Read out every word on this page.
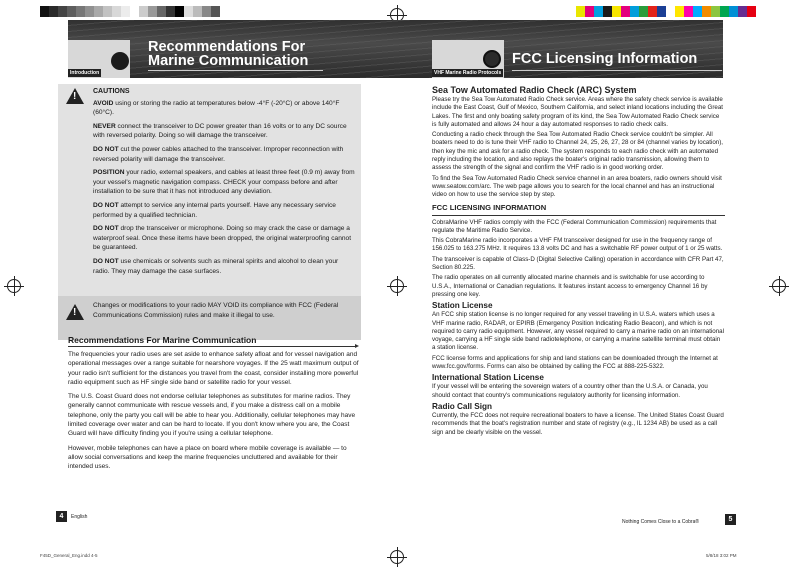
Introduction
Recommendations For
Marine Communication
VHF Marine Radio Protocols
FCC Licensing Information
!
!
CAUTIONS

AVOID using or storing the radio at temperatures below -4°F (-20°C) or above 140°F (60°C).

NEVER connect the transceiver to DC power greater than 16 volts or to any DC source with reversed polarity. Doing so will damage the transceiver.

DO NOT cut the power cables attached to the transceiver. Improper reconnection with reversed polarity will damage the transceiver.

POSITION your radio, external speakers, and cables at least three feet (0.9 m) away from your vessel's magnetic navigation compass. CHECK your compass before and after installation to be sure that it has not introduced any deviation.

DO NOT attempt to service any internal parts yourself. Have any necessary service performed by a qualified technician.

DO NOT drop the transceiver or microphone. Doing so may crack the case or damage a waterproof seal. Once these items have been dropped, the original waterproofing cannot be guaranteed.

DO NOT use chemicals or solvents such as mineral spirits and alcohol to clean your radio. They may damage the case surfaces.

Changes or modifications to your radio MAY VOID its compliance with FCC (Federal Communications Commission) rules and make it illegal to use.
Recommendations For Marine Communication

The frequencies your radio uses are set aside to enhance safety afloat and for vessel navigation and operational messages over a range suitable for nearshore voyages. If the 25 watt maximum output of your radio isn't sufficient for the distances you travel from the coast, consider installing more powerful radio equipment such as HF single side band or satellite radio for your vessel.

The U.S. Coast Guard does not endorse cellular telephones as substitutes for marine radios. They generally cannot communicate with rescue vessels and, if you make a distress call on a mobile telephone, only the party you call will be able to hear you. Additionally, cellular telephones may have limited coverage over water and can be hard to locate. If you don't know where you are, the Coast Guard will have difficulty finding you if you're using a cellular telephone.

However, mobile telephones can have a place on board where mobile coverage is available — to allow social conversations and keep the marine frequencies uncluttered and available for their intended uses.

Sea Tow Automated Radio Check (ARC) System

Please try the Sea Tow Automated Radio Check service. Areas where the safety check service is available include the East Coast, Gulf of Mexico, Southern California, and select inland locations including the Great Lakes. The first and only boating safety program of its kind, the Sea Tow Automated Radio Check service is fully automated and allows 24 hour a day automated responses to radio check calls.

Conducting a radio check through the Sea Tow Automated Radio Check service couldn't be simpler. All boaters need to do is tune their VHF radio to Channel 24, 25, 26, 27, 28 or 84 (channel varies by location), then key the mic and ask for a radio check. The system responds to each radio check with an automated reply including the location, and also replays the boater's original radio transmission, allowing them to assess the strength of the signal and confirm the VHF radio is in good working order.

To find the Sea Tow Automated Radio Check service channel in an area boaters, radio owners should visit www.seatow.com/arc. The web page allows you to search for the local channel and has an instructional video on how to use the service step by step.

FCC LICENSING INFORMATION

CobraMarine VHF radios comply with the FCC (Federal Communication Commission) requirements that regulate the Maritime Radio Service.

This CobraMarine radio incorporates a VHF FM transceiver designed for use in the frequency range of 156.025 to 163.275 MHz. It requires 13.8 volts DC and has a switchable RF power output of 1 or 25 watts.

The transceiver is capable of Class-D (Digital Selective Calling) operation in accordance with CFR Part 47, Section 80.225.

The radio operates on all currently allocated marine channels and is switchable for use according to U.S.A., International or Canadian regulations. It features instant access to emergency Channel 16 by pressing one key.

Station License

An FCC ship station license is no longer required for any vessel traveling in U.S.A. waters which uses a VHF marine radio, RADAR, or EPIRB (Emergency Position Indicating Radio Beacon), and which is not required to carry radio equipment. However, any vessel required to carry a marine radio on an international voyage, carrying a HF single side band radiotelephone, or carrying a marine satellite terminal must obtain a station license.

FCC license forms and applications for ship and land stations can be downloaded through the Internet at www.fcc.gov/forms. Forms can also be obtained by calling the FCC at 888-225-5322.

International Station License

If your vessel will be entering the sovereign waters of a country other than the U.S.A. or Canada, you should contact that country's communications regulatory authority for licensing information.

Radio Call Sign

Currently, the FCC does not require recreational boaters to have a license. The United States Coast Guard recommends that the boat's registration number and state of registry (e.g., IL 1234 AB) be used as a call sign and be clearly visible on the vessel.

4	English
Nothing Comes Close to a Cobra®	5
F45D_General_Eng.indd 4-5	5/8/18 3:02 PM
